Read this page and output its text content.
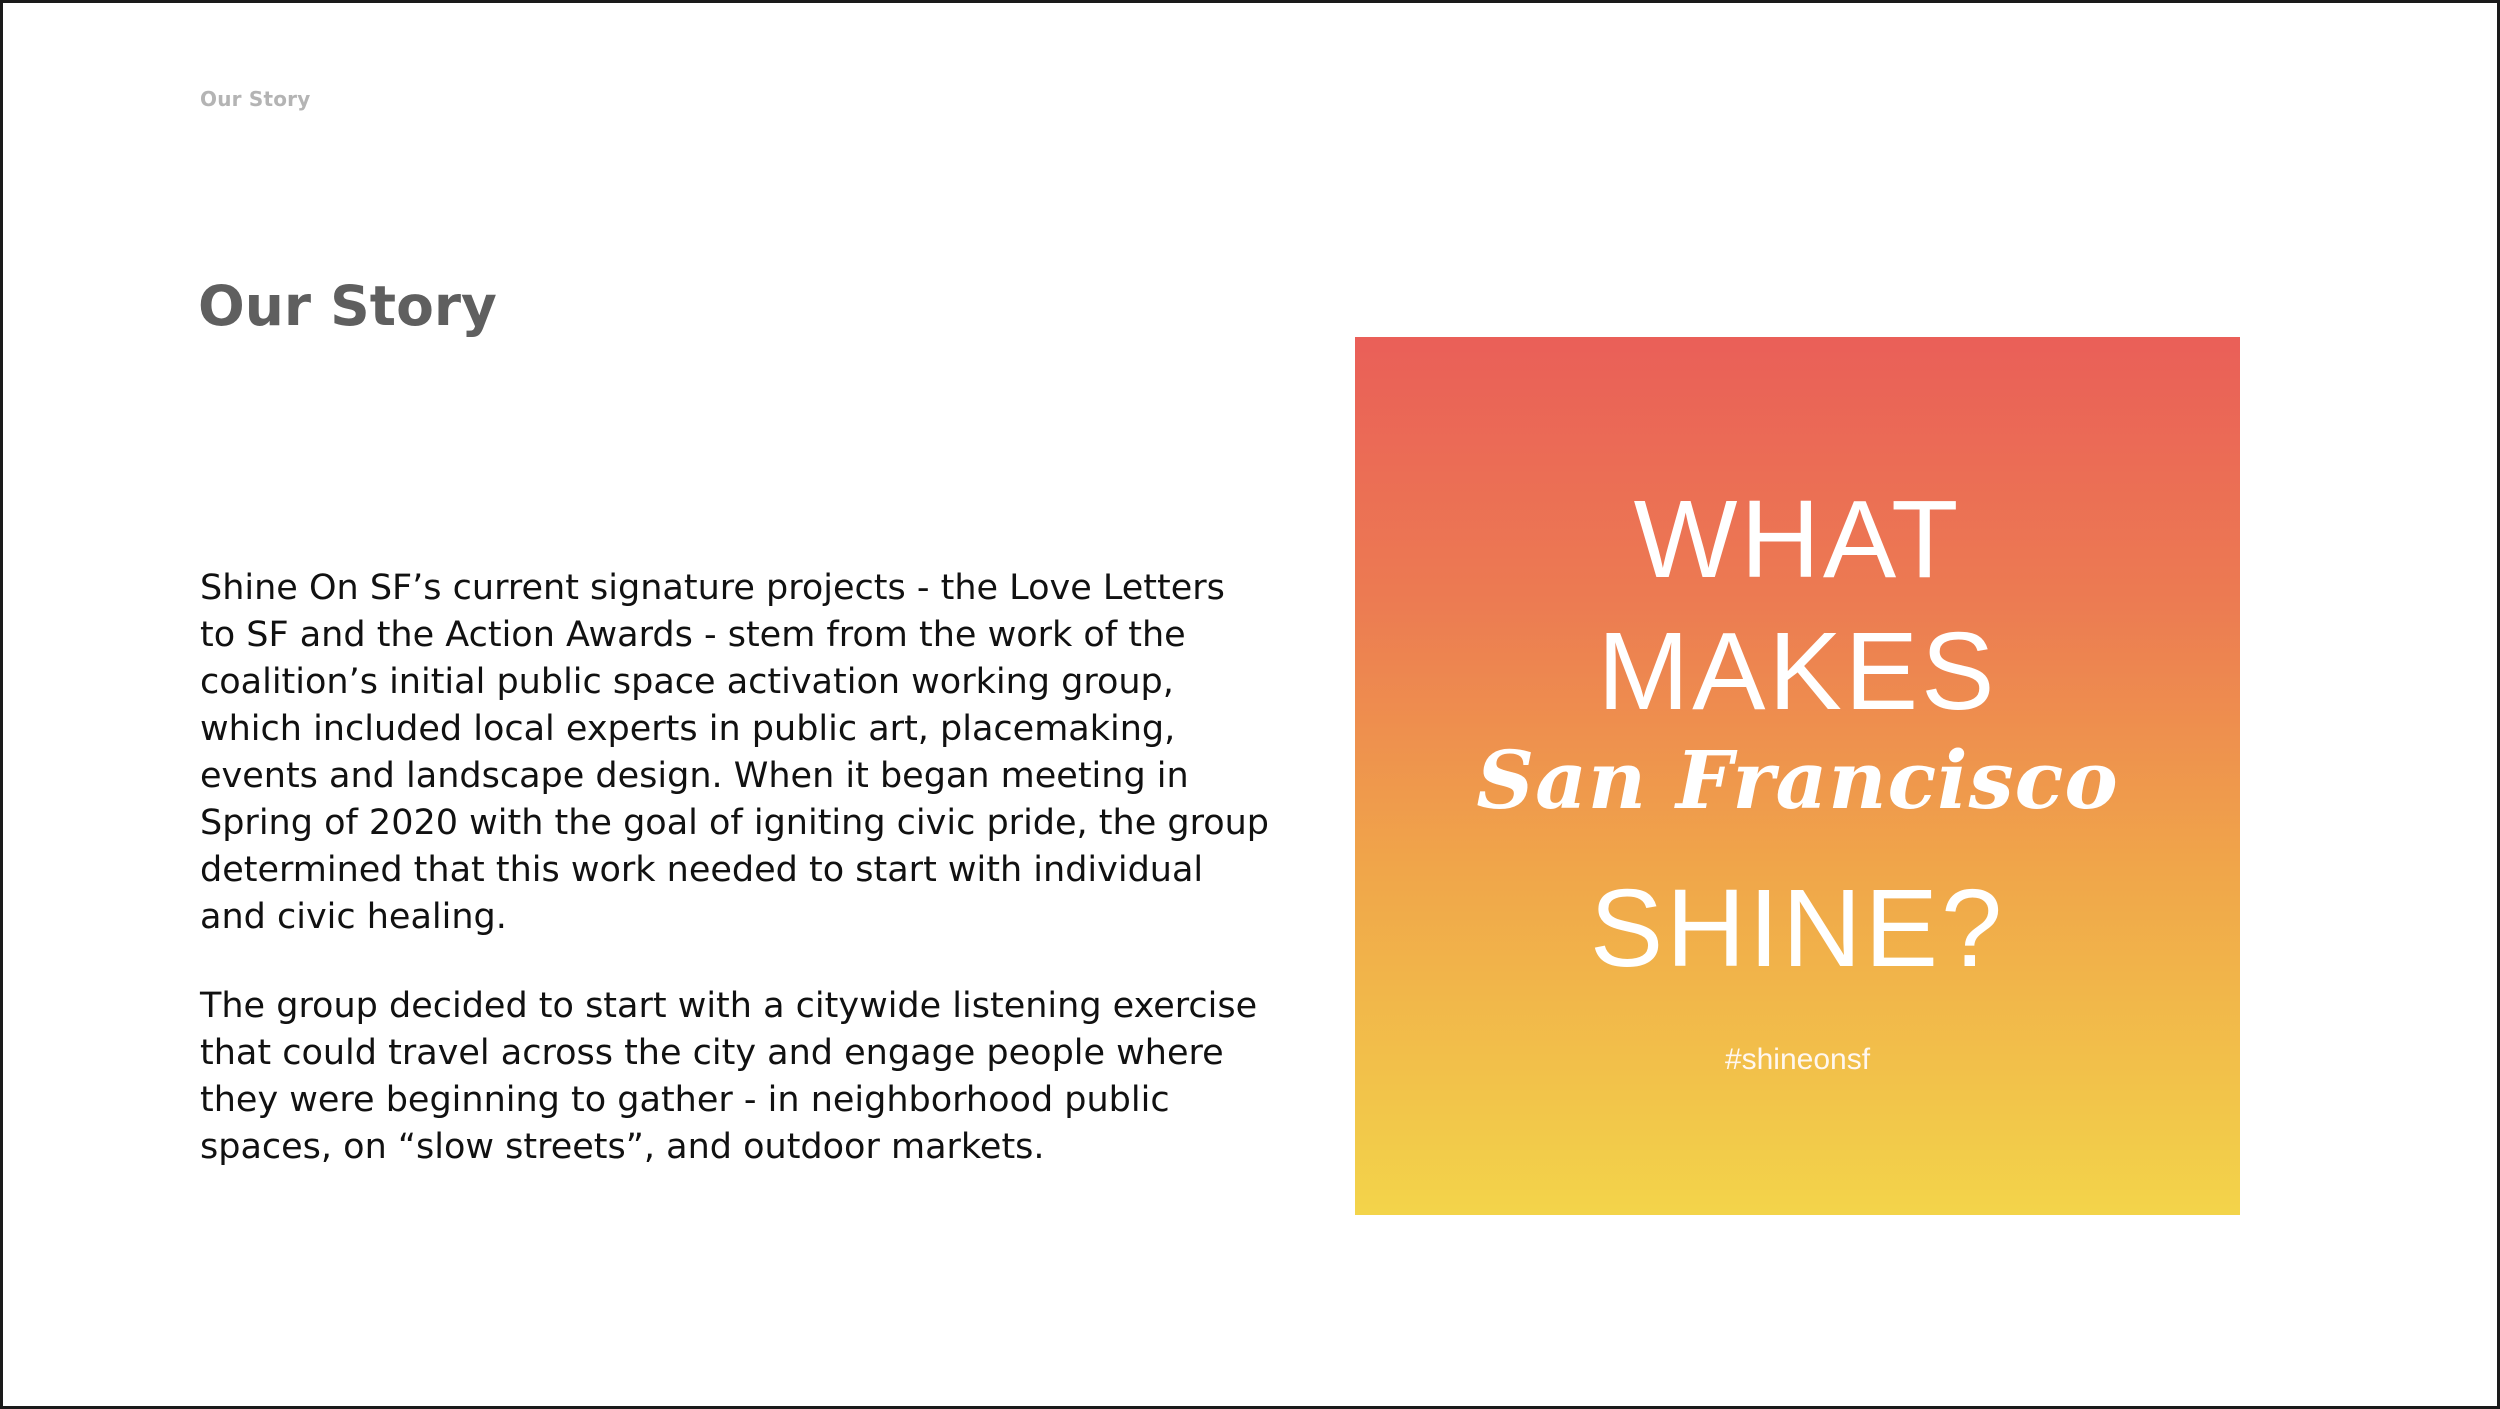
Our Story
Our Story

Shine On SF’s current signature projects - the Love Letters to SF and the Action Awards - stem from the work of the coalition’s initial public space activation working group, which included local experts in public art, placemaking, events and landscape design. When it began meeting in Spring of 2020 with the goal of igniting civic pride, the group determined that this work needed to start with individual and civic healing.

The group decided to start with a citywide listening exercise that could travel across the city and engage people where they were beginning to gather - in neighborhood public spaces, on “slow streets”, and outdoor markets.

WHAT
MAKES
San Francisco
SHINE?
#shineonsf
